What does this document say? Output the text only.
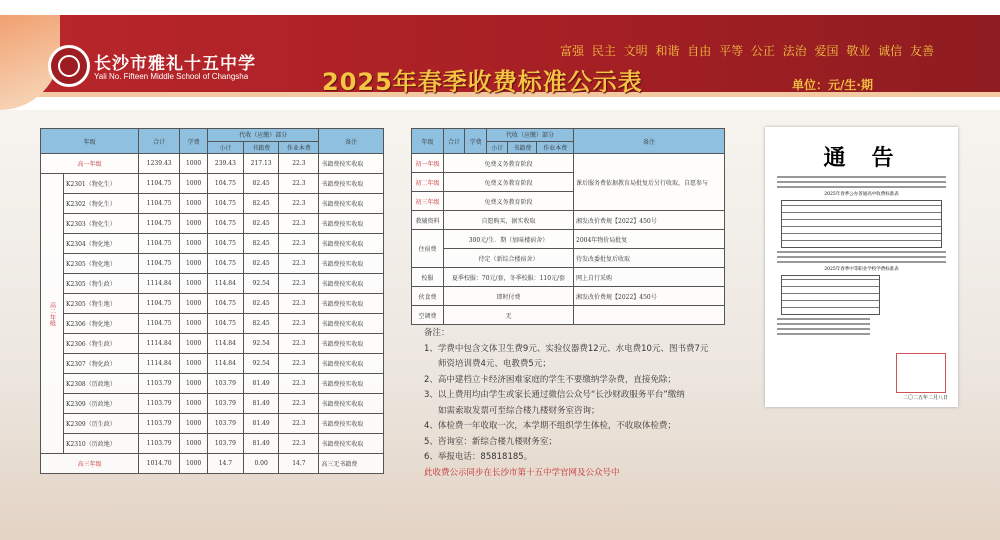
长沙市雅礼十五中学
Yali No. Fifteen Middle School of Changsha	2025年春季收费标准公示表
富强 民主 文明 和谐 自由 平等 公正 法治 爱国 敬业 诚信 友善
单位：元/生·期
年级		合计	学费	代收（应缴）部分			备注
				小计	书籍费	作业本费	
高一年级		1239.43	1000	239.43	217.13	22.3	书籍费按实收取
高二年级	K2301（物化生）	1104.75	1000	104.75	82.45	22.3	书籍费按实收取
	K2302（物化生）	1104.75	1000	104.75	82.45	22.3	书籍费按实收取
	K2303（物化生）	1104.75	1000	104.75	82.45	22.3	书籍费按实收取
	K2304（物化地）	1104.75	1000	104.75	82.45	22.3	书籍费按实收取
	K2305（物化地）	1104.75	1000	104.75	82.45	22.3	书籍费按实收取
	K2305（物生政）	1114.84	1000	114.84	92.54	22.3	书籍费按实收取
	K2305（物生地）	1104.75	1000	104.75	82.45	22.3	书籍费按实收取
	K2306（物化地）	1104.75	1000	104.75	82.45	22.3	书籍费按实收取
	K2306（物生政）	1114.84	1000	114.84	92.54	22.3	书籍费按实收取
	K2307（物化政）	1114.84	1000	114.84	92.54	22.3	书籍费按实收取
	K2308（历政地）	1103.79	1000	103.79	81.49	22.3	书籍费按实收取
	K2309（历政地）	1103.79	1000	103.79	81.49	22.3	书籍费按实收取
	K2309（历生政）	1103.79	1000	103.79	81.49	22.3	书籍费按实收取
	K2310（历政地）	1103.79	1000	103.79	81.49	22.3	书籍费按实收取
高三年级		1014.70	1000	14.7	0.00	14.7	高三无书籍费
年级	合计	学费	代收（应缴）部分			备注
			小计	书籍费	作业本费	
初一年级	免费义务教育阶段					课后服务费依据教育局批复后另行收取，自愿参与
初二年级	免费义务教育阶段					
初三年级	免费义务教育阶段					
教辅资料	自愿购买，据实收取					湘发改价费规【2022】450号
住宿费	300元/生．期（加味楼宿舍）					2004年物价局批复
	待定（新综合楼宿舍）					待发改委批复后收取
校服	夏季校服：70元/套，冬季校服：110元/套					网上自行采购
伙食费	即时付费					湘发改价费规【2022】450号
空调费	无					
备注：
1、学费中包含文体卫生费9元、实验仪器费12元、水电费10元、图书费7元
师资培训费4元、电教费5元；
2、高中建档立卡经济困难家庭的学生不要缴纳学杂费，直接免除；
3、以上费用均由学生或家长通过微信公众号“长沙财政服务平台”缴纳
如需索取发票可至综合楼九楼财务室咨询；
4、体检费一年收取一次，本学期不组织学生体检，不收取体检费；
5、咨询室：新综合楼九楼财务室；
6、举报电话：85818185。
此收费公示同步在长沙市第十五中学官网及公众号中
通告
2025年春季公办普通高中收费标准表
2025年春季中等职业学校学费标准表
二〇二五年二月八日
